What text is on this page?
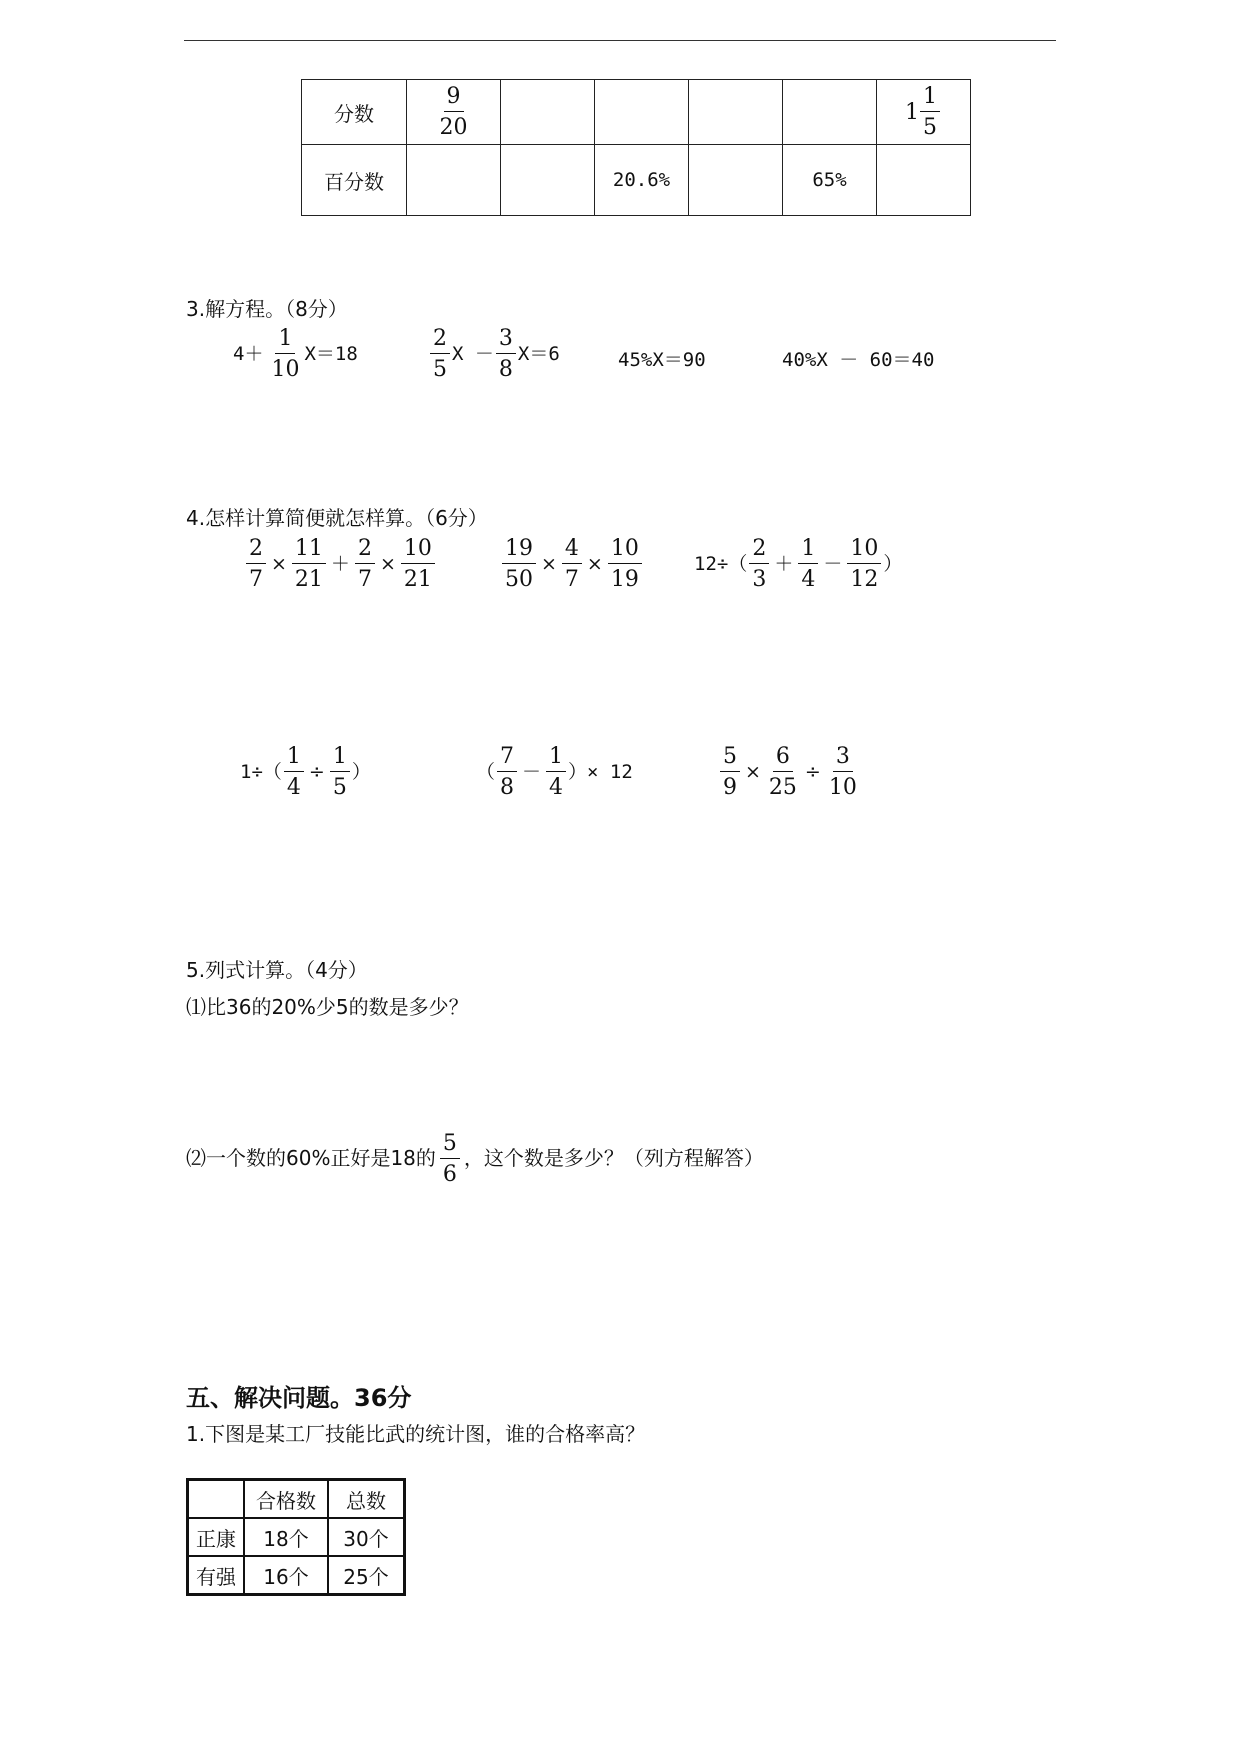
分数	$\frac{9}{20}$					$1 \frac{1}{5}$

百分数			20.6%		65%	
3.解方程。（8分）
$4+ \frac{1}{10} X=18$	$\frac{2}{5}$ $X - \frac{3}{8} X=6$	45%X＝90	40%X － 60＝40
4.怎样计算简便就怎样算。（6分）
$\frac{2}{7} \times \frac{11}{21} + \frac{2}{7} \times \frac{10}{21}$	$\frac{19}{50} \times \frac{4}{7} \times \frac{10}{19}$	$12\div( \frac{2}{3} + \frac{1}{4} - \frac{10}{12}$ ）
$1\div( \frac{1}{4} \div \frac{1}{5}$ ）	（ $\frac{7}{8} - \frac{1}{4}$ ）× 12	$\frac{5}{9} \times \frac{6}{25} \div \frac{3}{10}$
5.列式计算。（4分）
⑴比36的20%少5的数是多少？
⑵一个数的60%正好是18的 $\frac{5}{6}$ ，这个数是多少？（列方程解答）
五、解决问题。36分
1.下图是某工厂技能比武的统计图，谁的合格率高？
	合格数	总数
正康	18个	30个
有强	16个	25个
